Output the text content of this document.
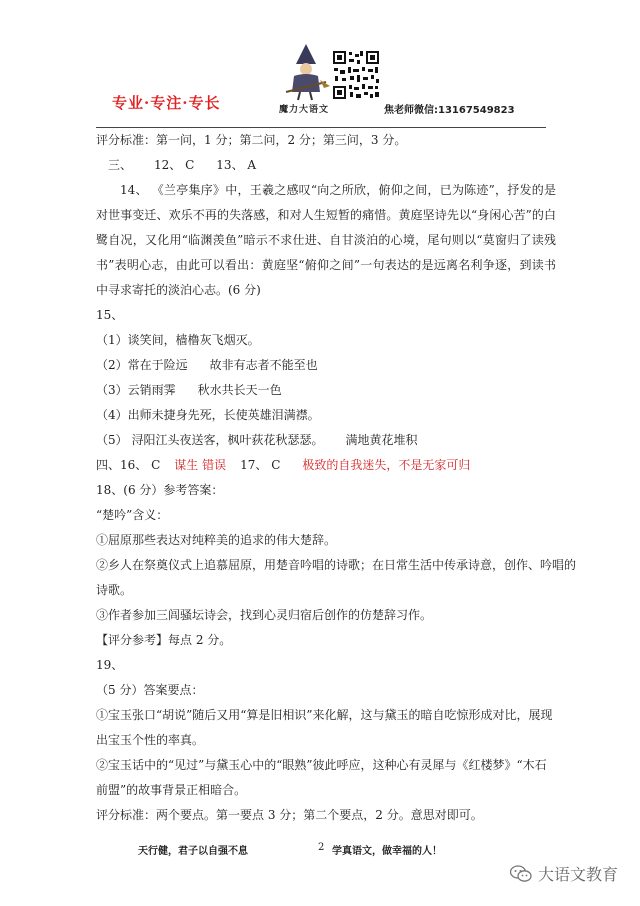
专业·专注·专长	魔力大语文	焦老师微信:13167549823
评分标准：第一问，1 分；第二问，2 分；第三问，3 分。
三、 12、 C 13、 A
14、 《兰亭集序》中，王羲之感叹“向之所欣，俯仰之间，已为陈迹”，抒发的是对世事变迁、欢乐不再的失落感，和对人生短暂的痛惜。黄庭坚诗先以“身闲心苦”的白鹭自况，又化用“临渊羡鱼”暗示不求仕进、自甘淡泊的心境，尾句则以“莫窗归了读残书”表明心志，由此可以看出：黄庭坚“俯仰之间”一句表达的是远离名利争逐，到读书中寻求寄托的淡泊心志。(6 分)
15、
（1）谈笑间，樯橹灰飞烟灭。
（2）常在于险远 故非有志者不能至也
（3）云销雨霁 秋水共长天一色
（4）出师未捷身先死，长使英雄泪满襟。
（5） 浔阳江头夜送客，枫叶荻花秋瑟瑟。 满地黄花堆积
四、16、 C 谋生 错误 17、 C 极致的自我迷失，不是无家可归
18、(6 分）参考答案：
“楚吟”含义：
①屈原那些表达对纯粹美的追求的伟大楚辞。
②乡人在祭奠仪式上追慕屈原，用楚音吟唱的诗歌；在日常生活中传承诗意，创作、吟唱的
诗歌。
③作者参加三闾骚坛诗会，找到心灵归宿后创作的仿楚辞习作。
【评分参考】每点 2 分。
19、
（5 分）答案要点：
①宝玉张口“胡说”随后又用“算是旧相识”来化解，这与黛玉的暗自吃惊形成对比，展现
出宝玉个性的率真。
②宝玉话中的“见过”与黛玉心中的“眼熟”彼此呼应，这种心有灵犀与《红楼梦》“木石
前盟”的故事背景正相暗合。
评分标准：两个要点。第一要点 3 分；第二个要点，2 分。意思对即可。
天行健，君子以自强不息	2 学真语文，做幸福的人！
大语文教育
